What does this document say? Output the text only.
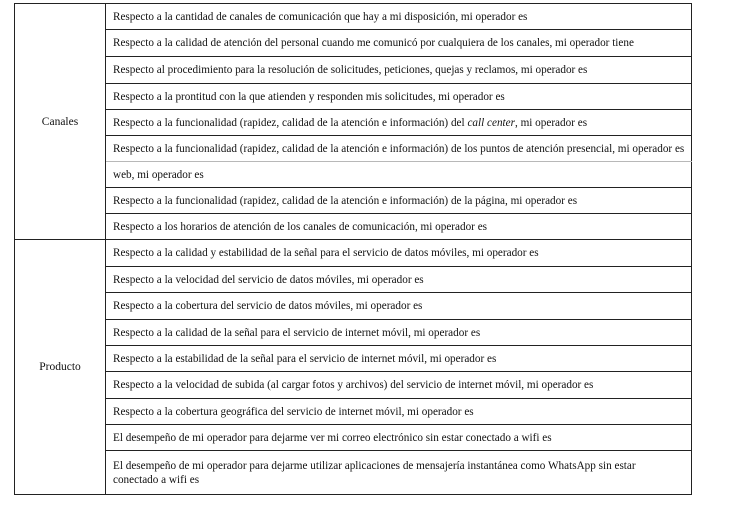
Canales	Respecto a la cantidad de canales de comunicación que hay a mi disposición, mi operador es
	Respecto a la calidad de atención del personal cuando me comunicó por cualquiera de los canales, mi operador tiene
	Respecto al procedimiento para la resolución de solicitudes, peticiones, quejas y reclamos, mi operador es
	Respecto a la prontitud con la que atienden y responden mis solicitudes, mi operador es
	Respecto a la funcionalidad (rapidez, calidad de la atención e información) del call center, mi operador es
	Respecto a la funcionalidad (rapidez, calidad de la atención e información) de los puntos de atención presencial, mi operador es
	web, mi operador es
	Respecto a la funcionalidad (rapidez, calidad de la atención e información) de la página, mi operador es
	Respecto a los horarios de atención de los canales de comunicación, mi operador es

Producto	Respecto a la calidad y estabilidad de la señal para el servicio de datos móviles, mi operador es
	Respecto a la velocidad del servicio de datos móviles, mi operador es
	Respecto a la cobertura del servicio de datos móviles, mi operador es
	Respecto a la calidad de la señal para el servicio de internet móvil, mi operador es
	Respecto a la estabilidad de la señal para el servicio de internet móvil, mi operador es
	Respecto a la velocidad de subida (al cargar fotos y archivos) del servicio de internet móvil, mi operador es
	Respecto a la cobertura geográfica del servicio de internet móvil, mi operador es
	El desempeño de mi operador para dejarme ver mi correo electrónico sin estar conectado a wifi es
	El desempeño de mi operador para dejarme utilizar aplicaciones de mensajería instantánea como WhatsApp sin estar conectado a wifi es
